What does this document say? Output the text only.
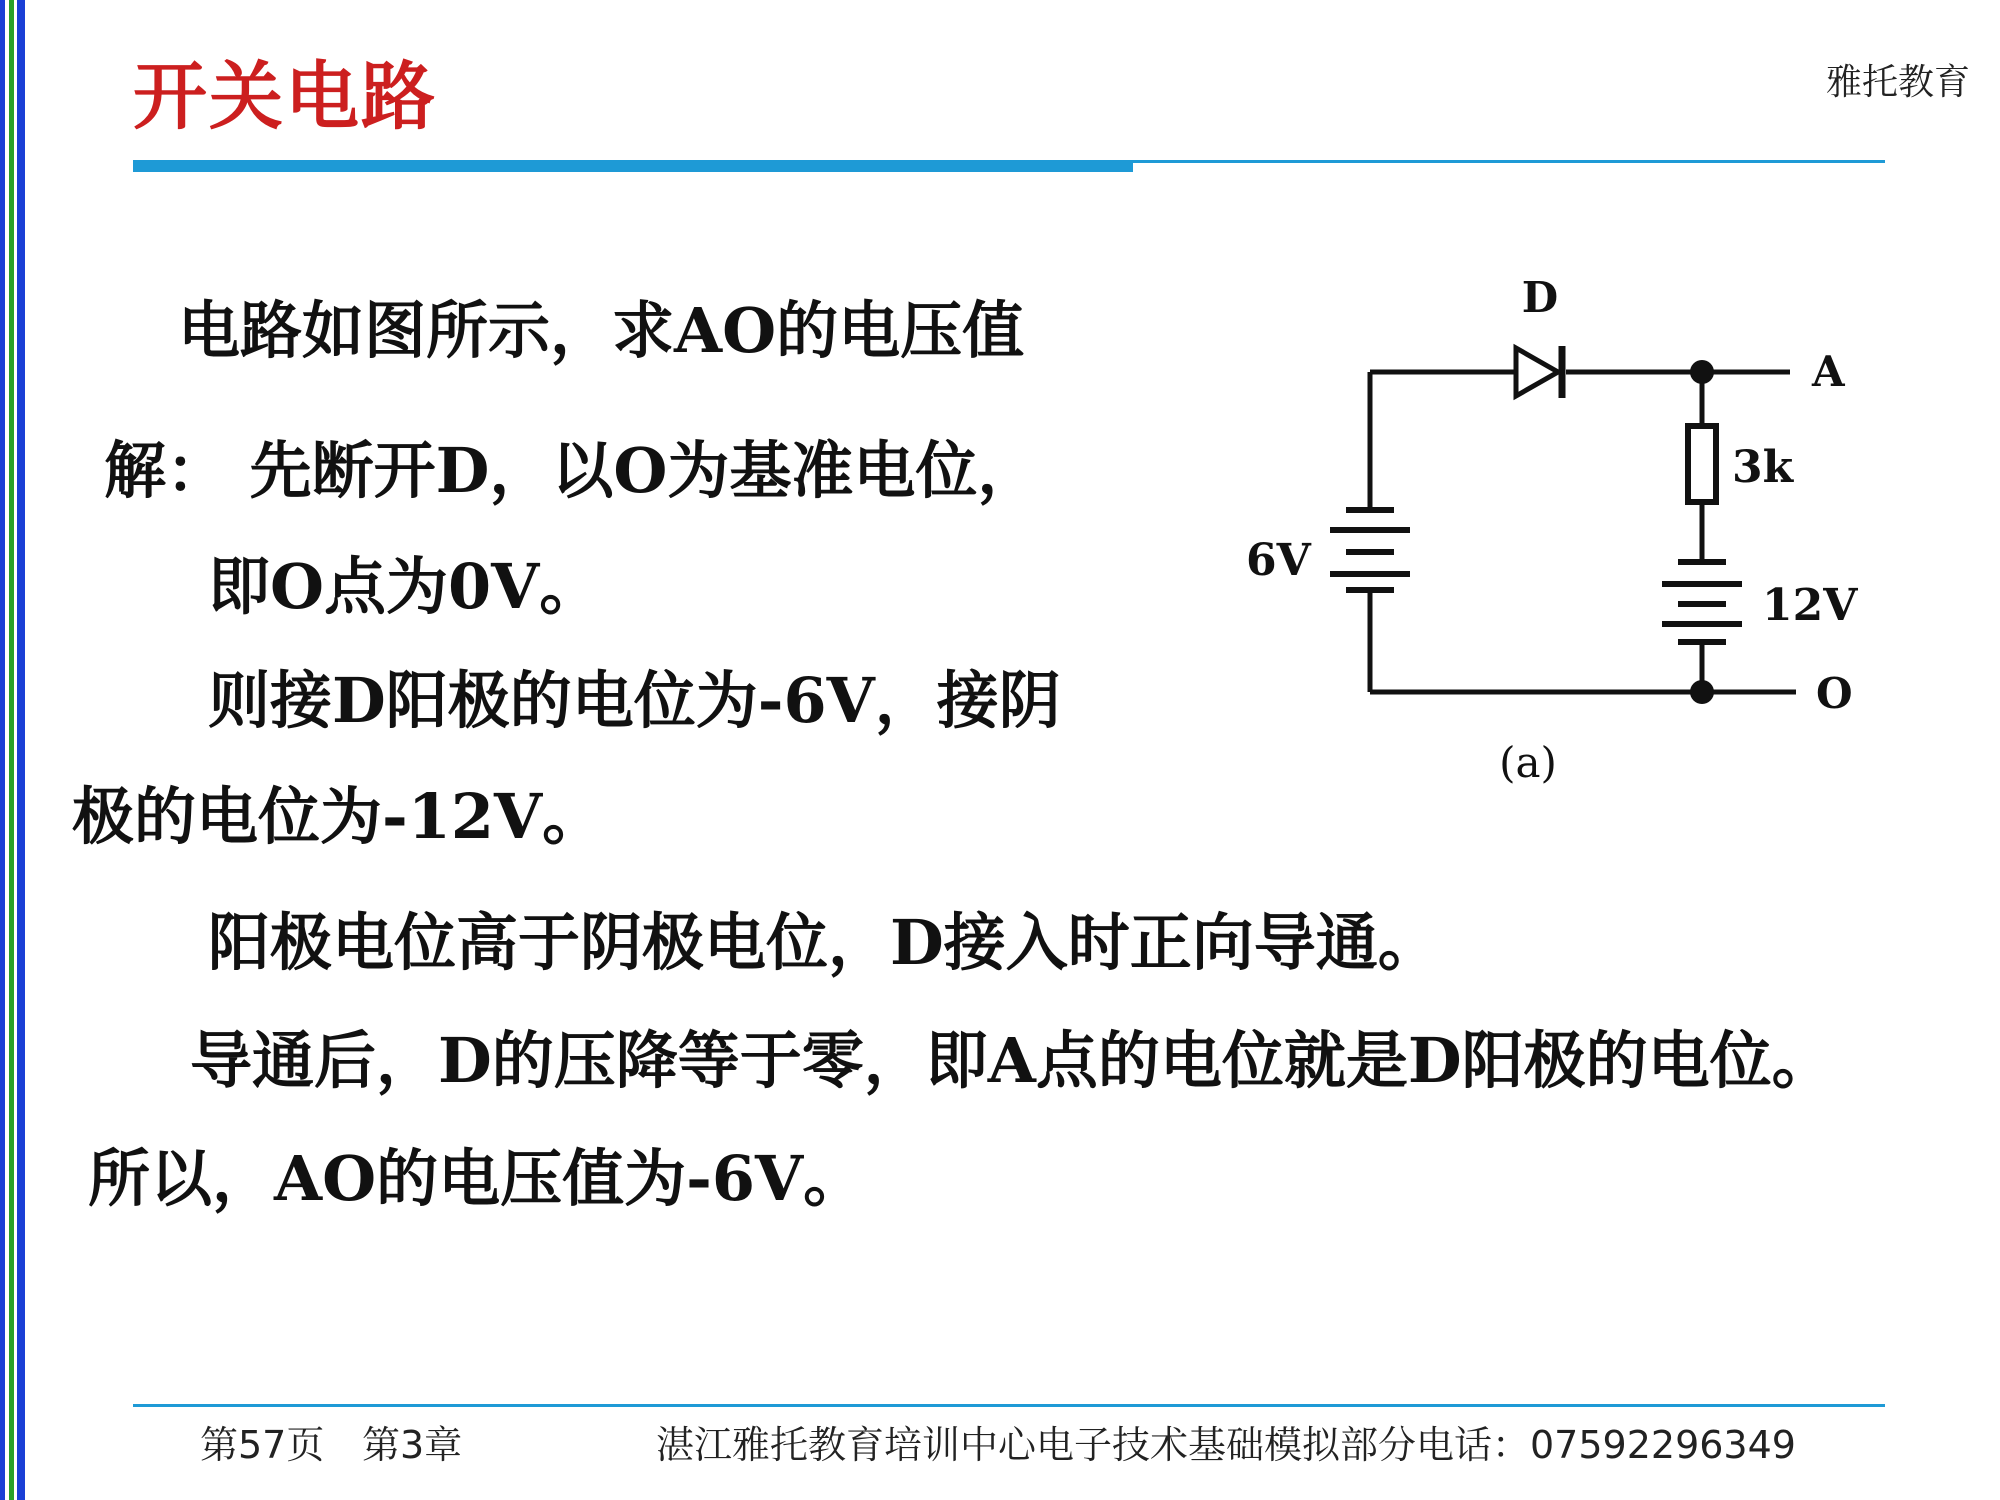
开关电路	雅托教育

电路如图所示，求AO的电压值

解： 先断开D，以O为基准电位，

即O点为0V。

则接D阳极的电位为-6V，接阴

极的电位为-12V。

阳极电位高于阴极电位，D接入时正向导通。

导通后，D的压降等于零，即A点的电位就是D阳极的电位。

所以，AO的电压值为-6V。

D
A
3k
6V
12V
O
(a)
第57页 第3章	湛江雅托教育培训中心电子技术基础模拟部分电话：07592296349
